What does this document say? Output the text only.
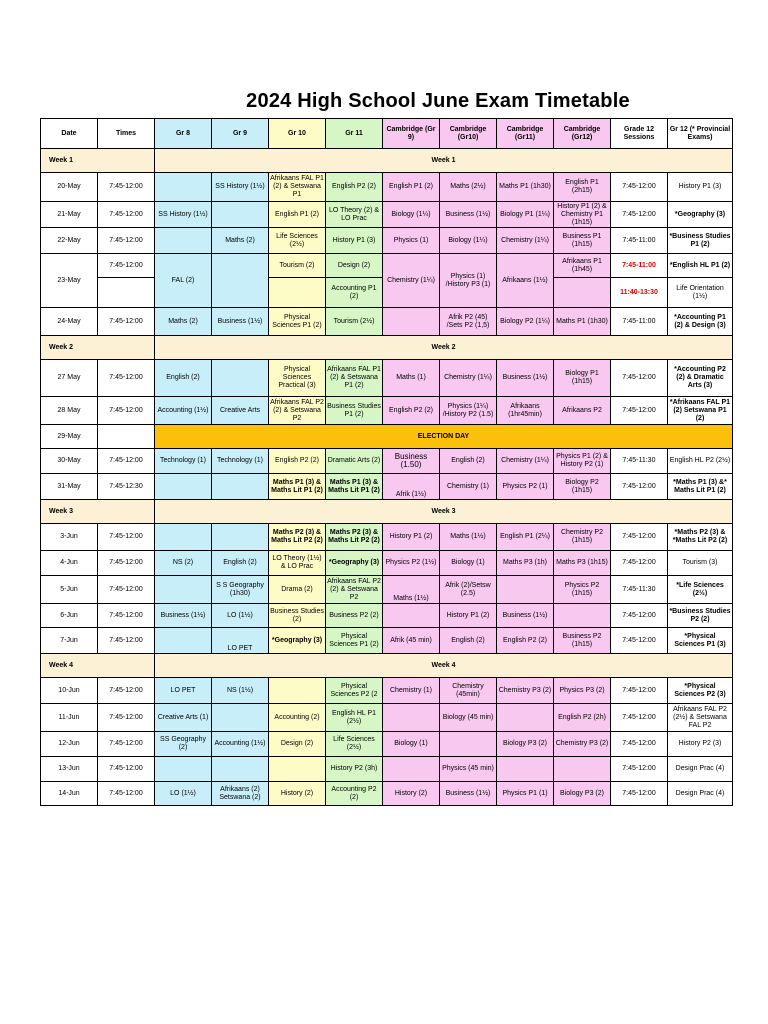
2024 High School June Exam Timetable
Date	Times	Gr 8	Gr 9	Gr 10	Gr 11	Cambridge (Gr 9)	Cambridge (Gr10)	Cambridge (Gr11)	Cambridge (Gr12)	Grade 12 Sessions	Gr 12 (* Provincial Exams)
Week 1		Week 1									
20-May	7:45-12:00		SS History (1½)	Afrikaans FAL P1 (2) & Setswana P1	English P2 (2)	English P1 (2)	Maths (2½)	Maths P1 (1h30)	English P1 (2h15)	7:45-12:00	History P1 (3)
21-May	7:45-12:00	SS History (1½)		English P1 (2)	LO Theory (2) & LO Prac	Biology (1¼)	Business (1½)	Biology P1 (1¼)	History P1 (2) & Chemistry P1 (1h15)	7:45-12:00	*Geography (3)
22-May	7:45-12:00		Maths (2)	Life Sciences (2½)	History P1 (3)	Physics (1)	Biology (1¼)	Chemistry (1¼)	Business P1 (1h15)	7:45-11:00	*Business Studies P1 (2)
23-May	7:45-12:00	FAL (2)		Tourism (2)	Design (2)	Chemistry (1¼)	Physics (1) /History P3 (1)	Afrikaans (1½)	Afrikaans P1 (1h45)	7:45-11:00	*English HL P1 (2)
					Accounting P1 (2)					11:40-13:30	Life Orientation (1½)
24-May	7:45-12:00	Maths (2)	Business (1½)	Physical Sciences P1 (2)	Tourism (2½)		Afrik P2 (45) /Sets P2 (1,5)	Biology P2 (1¼)	Maths P1 (1h30)	7:45-11:00	*Accounting P1 (2) & Design (3)
Week 2		Week 2									
27 May	7:45-12:00	English (2)		Physical Sciences Practical (3)	Afrikaans FAL P1 (2) & Setswana P1 (2)	Maths (1)	Chemistry (1¼)	Business (1½)	Biology P1 (1h15)	7:45-12:00	*Accounting P2 (2) & Dramatic Arts (3)
28 May	7:45-12:00	Accounting (1½)	Creative Arts	Afrikaans FAL P2 (2) & Setswana P2	Business Studies P1 (2)	English P2 (2)	Physics (1¼) /History P2 (1.5)	Afrikaans (1hr45min)	Afrikaans P2	7:45-12:00	*Afrikaans FAL P1 (2) Setswana P1 (2)
29-May		ELECTION DAY									
30-May	7:45-12:00	Technology (1)	Technology (1)	English P2 (2)	Dramatic Arts (2)	Business (1.50)	English (2)	Chemistry (1¼)	Physics P1 (2) & History P2 (1)	7:45-11:30	English HL P2 (2½)
31-May	7:45-12:30			Maths P1 (3) & Maths Lit P1 (2)	Maths P1 (3) & Maths Lit P1 (2)	Afrik (1½)	Chemistry (1)	Physics P2 (1)	Biology P2 (1h15)	7:45-12:00	*Maths P1 (3) &* Maths Lit P1 (2)
Week 3		Week 3									
3-Jun	7:45-12:00			Maths P2 (3) & Maths Lit P2 (2)	Maths P2 (3) & Maths Lit P2 (2)	History P1 (2)	Maths (1½)	English P1 (2¼)	Chemistry P2 (1h15)	7:45-12:00	*Maths P2 (3) & *Maths Lit P2 (2)
4-Jun	7:45-12:00	NS (2)	English (2)	LO Theory (1½) & LO Prac	*Geography (3)	Physics P2 (1½)	Biology (1)	Maths P3 (1h)	Maths P3 (1h15)	7:45-12:00	Tourism (3)
5-Jun	7:45-12:00		S S Geography (1h30)	Drama (2)	Afrikaans FAL P2 (2) & Setswana P2	Maths (1½)	Afrik (2)/Setsw (2.5)		Physics P2 (1h15)	7:45-11:30	*Life Sciences (2½)
6-Jun	7:45-12:00	Business (1½)	LO (1½)	Business Studies (2)	Business P2 (2)		History P1 (2)	Business (1½)		7:45-12:00	*Business Studies P2 (2)
7-Jun	7:45-12:00		LO PET	*Geography (3)	Physical Sciences P1 (2)	Afrik (45 min)	English (2)	English P2 (2)	Business P2 (1h15)	7:45-12:00	*Physical Sciences P1 (3)
Week 4		Week 4									
10-Jun	7:45-12:00	LO PET	NS (1½)		Physical Sciences P2 (2	Chemistry (1)	Chemistry (45min)	Chemistry P3 (2)	Physics P3 (2)	7:45-12:00	*Physical Sciences P2 (3)
11-Jun	7:45-12:00	Creative Arts (1)		Accounting (2)	English HL P1 (2½)		Biology (45 min)		English P2 (2h)	7:45-12:00	Afrikaans FAL P2 (2½) & Setswana FAL P2
12-Jun	7:45-12:00	SS Geography (2)	Accounting (1½)	Design (2)	Life Sciences (2½)	Biology (1)		Biology P3 (2)	Chemistry P3 (2)	7:45-12:00	History P2 (3)
13-Jun	7:45-12:00				History P2 (3h)		Physics (45 min)			7:45-12:00	Design Prac (4)
14-Jun	7:45-12:00	LO (1½)	Afrikaans (2) Setswana (2)	History (2)	Accounting P2 (2)	History (2)	Business (1½)	Physics P1 (1)	Biology P3 (2)	7:45-12:00	Design Prac (4)
